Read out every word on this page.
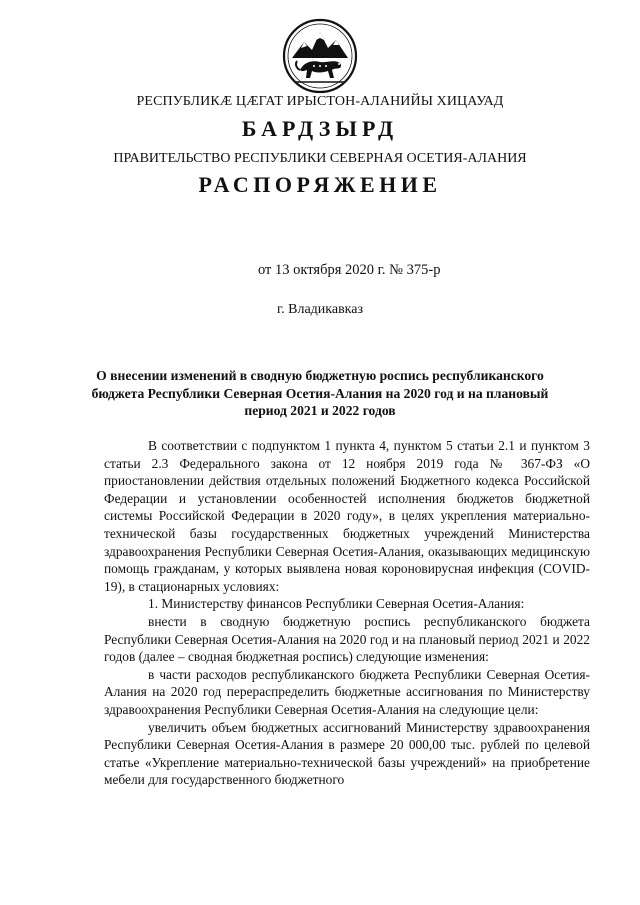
РЕСПУБЛИКӔ ЦӔГАТ ИРЫСТОН-АЛАНИЙЫ ХИЦАУАД
БАРДЗЫРД
ПРАВИТЕЛЬСТВО РЕСПУБЛИКИ СЕВЕРНАЯ ОСЕТИЯ-АЛАНИЯ
РАСПОРЯЖЕНИЕ
от 13 октября 2020 г. № 375-р
г. Владикавказ
О внесении изменений в сводную бюджетную роспись республиканского бюджета Республики Северная Осетия-Алания на 2020 год и на плановый период 2021 и 2022 годов

В соответствии с подпунктом 1 пункта 4, пунктом 5 статьи 2.1 и пунктом 3 статьи 2.3 Федерального закона от 12 ноября 2019 года № 367-ФЗ «О приостановлении действия отдельных положений Бюджетного кодекса Российской Федерации и установлении особенностей исполнения бюджетов бюджетной системы Российской Федерации в 2020 году», в целях укрепления материально-технической базы государственных бюджетных учреждений Министерства здравоохранения Республики Северная Осетия-Алания, оказывающих медицинскую помощь гражданам, у которых выявлена новая короновирусная инфекция (COVID-19), в стационарных условиях:

1. Министерству финансов Республики Северная Осетия-Алания:

внести в сводную бюджетную роспись республиканского бюджета Республики Северная Осетия-Алания на 2020 год и на плановый период 2021 и 2022 годов (далее – сводная бюджетная роспись) следующие изменения:

в части расходов республиканского бюджета Республики Северная Осетия-Алания на 2020 год перераспределить бюджетные ассигнования по Министерству здравоохранения Республики Северная Осетия-Алания на следующие цели:

увеличить объем бюджетных ассигнований Министерству здравоохранения Республики Северная Осетия-Алания в размере 20 000,00 тыс. рублей по целевой статье «Укрепление материально-технической базы учреждений» на приобретение мебели для государственного бюджетного
